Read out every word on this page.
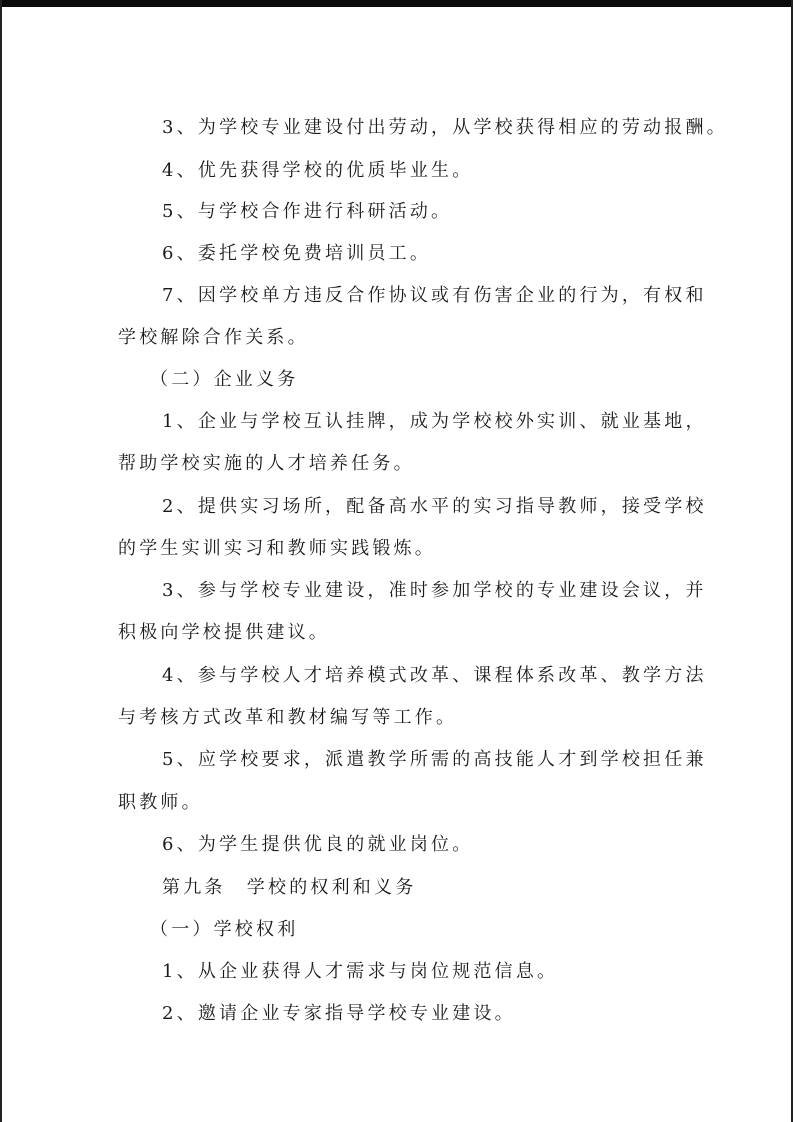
3、为学校专业建设付出劳动，从学校获得相应的劳动报酬。
4、优先获得学校的优质毕业生。
5、与学校合作进行科研活动。
6、委托学校免费培训员工。
7、因学校单方违反合作协议或有伤害企业的行为，有权和
学校解除合作关系。
（二）企业义务
1、企业与学校互认挂牌，成为学校校外实训、就业基地，
帮助学校实施的人才培养任务。
2、提供实习场所，配备高水平的实习指导教师，接受学校
的学生实训实习和教师实践锻炼。
3、参与学校专业建设，准时参加学校的专业建设会议，并
积极向学校提供建议。
4、参与学校人才培养模式改革、课程体系改革、教学方法
与考核方式改革和教材编写等工作。
5、应学校要求，派遣教学所需的高技能人才到学校担任兼
职教师。
6、为学生提供优良的就业岗位。
第九条　学校的权利和义务
（一）学校权利
1、从企业获得人才需求与岗位规范信息。
2、邀请企业专家指导学校专业建设。
